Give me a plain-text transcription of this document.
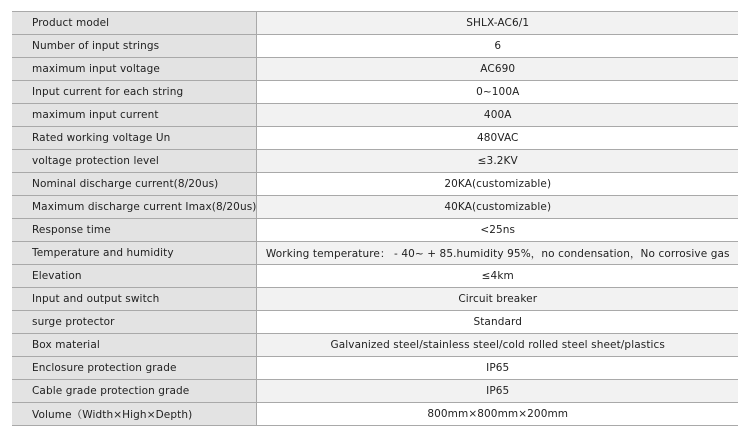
Product model	SHLX-AC6/1
Number of input strings	6
maximum input voltage	AC690
Input current for each string	0~100A
maximum input current	400A
Rated working voltage Un	480VAC
voltage protection level	≤3.2KV
Nominal discharge current(8/20us)	20KA(customizable)
Maximum discharge current Imax(8/20us)	40KA(customizable)
Response time	<25ns
Temperature and humidity	Working temperature： - 40~ + 85.humidity 95%，no condensation，No corrosive gas
Elevation	≤4km
Input and output switch	Circuit breaker
surge protector	Standard
Box material	Galvanized steel/stainless steel/cold rolled steel sheet/plastics
Enclosure protection grade	IP65
Cable grade protection grade	IP65
Volume（Width×High×Depth)	800mm×800mm×200mm
